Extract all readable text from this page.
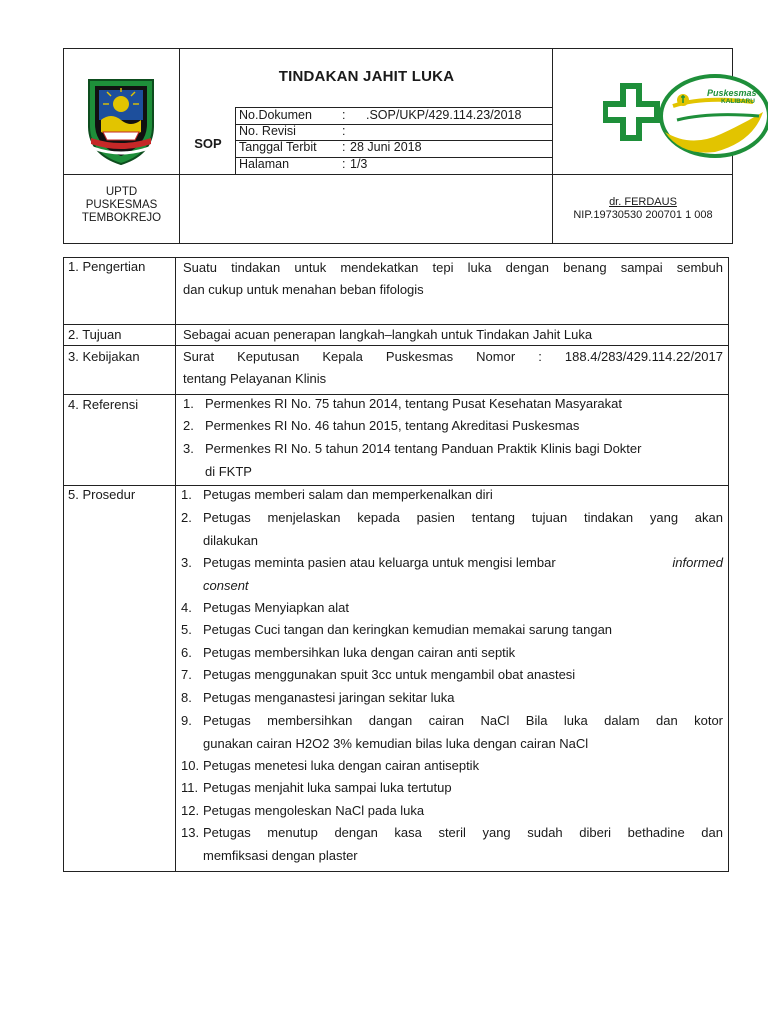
TINDAKAN JAHIT LUKA
SOP
No.Dokumen : .SOP/UKP/429.114.23/2018
No. Revisi	:
Tanggal Terbit : 28 Juni 2018
Halaman	: 1/3
Puskesmas
KALIBARU
UPTD
PUSKESMAS
TEMBOKREJO
dr. FERDAUS
NIP.19730530 200701 1 008
1. Pengertian	Suatu tindakan untuk mendekatkan tepi luka dengan benang sampai sembuh
dan cukup untuk menahan beban fifologis
2. Tujuan	Sebagai acuan penerapan langkah–langkah untuk Tindakan Jahit Luka
3. Kebijakan	Surat Keputusan Kepala Puskesmas Nomor : 188.4/283/429.114.22/2017
tentang Pelayanan Klinis
4. Referensi	1. Permenkes RI No. 75 tahun 2014, tentang Pusat Kesehatan Masyarakat
2. Permenkes RI No. 46 tahun 2015, tentang Akreditasi Puskesmas
3. Permenkes RI No. 5 tahun 2014 tentang Panduan Praktik Klinis bagi Dokter
di FKTP
5. Prosedur	1. Petugas memberi salam dan memperkenalkan diri
2. Petugas menjelaskan kepada pasien tentang tujuan tindakan yang akan
dilakukan
3. Petugas meminta pasien atau keluarga untuk mengisi lembar	informed
consent
4. Petugas Menyiapkan alat
5. Petugas Cuci tangan dan keringkan kemudian memakai sarung tangan
6. Petugas membersihkan luka dengan cairan anti septik
7. Petugas menggunakan spuit 3cc untuk mengambil obat anastesi
8. Petugas menganastesi jaringan sekitar luka
9. Petugas membersihkan dangan cairan NaCl Bila luka dalam dan kotor
gunakan cairan H2O2 3% kemudian bilas luka dengan cairan NaCl
10. Petugas menetesi luka dengan cairan antiseptik
11. Petugas menjahit luka sampai luka tertutup
12. Petugas mengoleskan NaCl pada luka
13. Petugas menutup dengan kasa steril yang sudah diberi bethadine dan
memfiksasi dengan plaster
